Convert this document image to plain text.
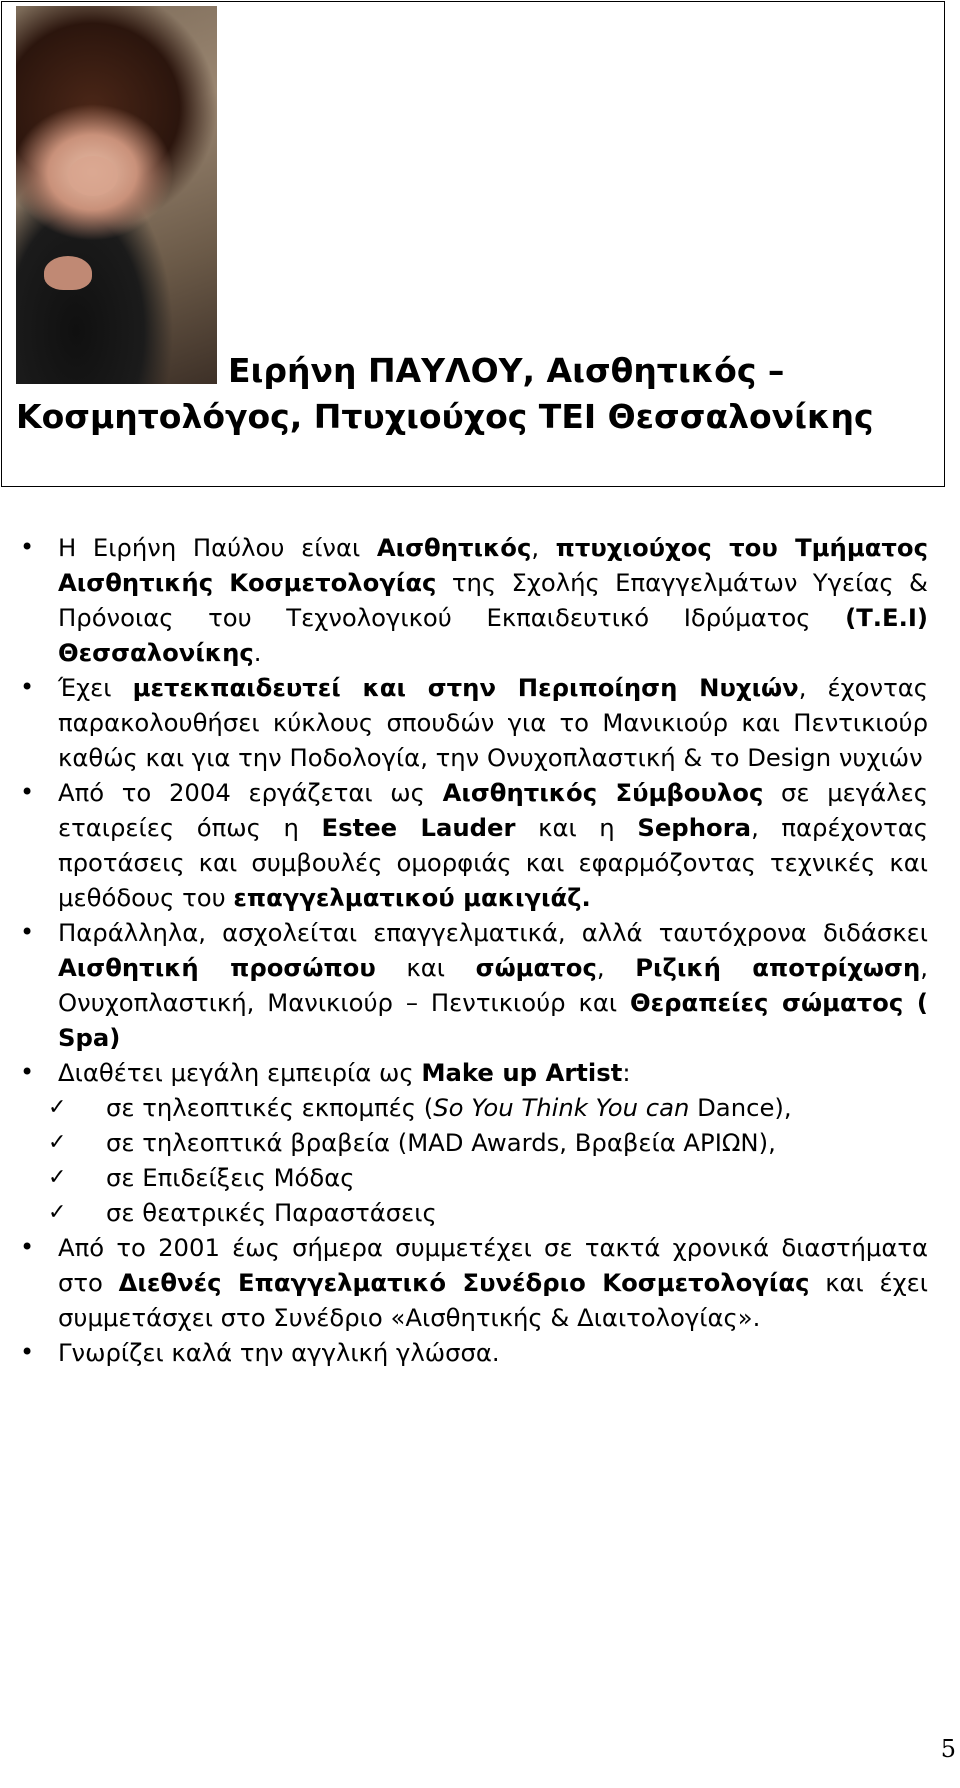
Ειρήνη ΠΑΥΛΟΥ, Αισθητικός – Κοσμητολόγος, Πτυχιούχος ΤΕΙ Θεσσαλονίκης
• Η Ειρήνη Παύλου είναι Αισθητικός, πτυχιούχος του Τμήματος Αισθητικής Κοσμετολογίας της Σχολής Επαγγελμάτων Υγείας & Πρόνοιας του Τεχνολογικού Εκπαιδευτικό Ιδρύματος (Τ.Ε.Ι) Θεσσαλονίκης.
• Έχει μετεκπαιδευτεί και στην Περιποίηση Νυχιών, έχοντας παρακολουθήσει κύκλους σπουδών για το Μανικιούρ και Πεντικιούρ καθώς και για την Ποδολογία, την Ονυχοπλαστική & το Design νυχιών
• Από το 2004 εργάζεται ως Αισθητικός Σύμβουλος σε μεγάλες εταιρείες όπως η Estee Lauder και η Sephora, παρέχοντας προτάσεις και συμβουλές ομορφιάς και εφαρμόζοντας τεχνικές και μεθόδους του επαγγελματικού μακιγιάζ.
• Παράλληλα, ασχολείται επαγγελματικά, αλλά ταυτόχρονα διδάσκει Αισθητική προσώπου και σώματος, Ριζική αποτρίχωση, Ονυχοπλαστική, Μανικιούρ – Πεντικιούρ και Θεραπείες σώματος ( Spa)
• Διαθέτει μεγάλη εμπειρία ως Make up Artist:
✓ σε τηλεοπτικές εκπομπές (So You Think You can Dance),
✓ σε τηλεοπτικά βραβεία (MAD Awards, Βραβεία ΑΡΙΩΝ),
✓ σε Επιδείξεις Μόδας
✓ σε θεατρικές Παραστάσεις
• Από το 2001 έως σήμερα συμμετέχει σε τακτά χρονικά διαστήματα στο Διεθνές Επαγγελματικό Συνέδριο Κοσμετολογίας και έχει συμμετάσχει στο Συνέδριο «Αισθητικής & Διαιτολογίας».
• Γνωρίζει καλά την αγγλική γλώσσα.
5
